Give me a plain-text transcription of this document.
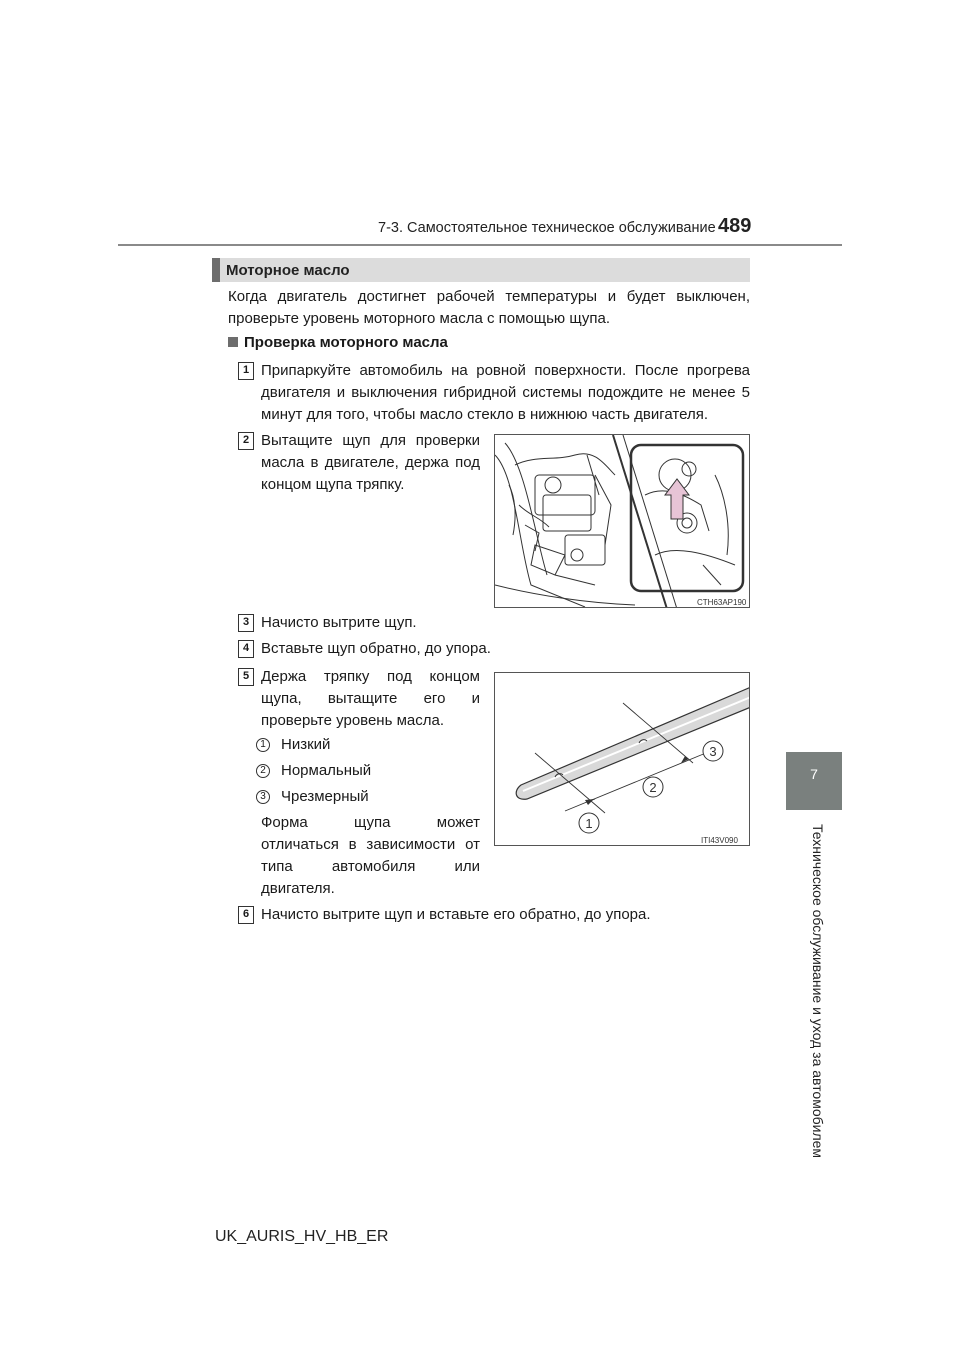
7-3. Самостоятельное техническое обслуживание 489
7
Техническое обслуживание и уход за автомобилем
Моторное масло
Когда двигатель достигнет рабочей температуры и будет выключен,
проверьте уровень моторного масла с помощью щупа.
Проверка моторного масла
1 Припаркуйте автомобиль на ровной поверхности. После прогрева
двигателя и выключения гибридной системы подождите не менее 5
минут для того, чтобы масло стекло в нижнюю часть двигателя.
2 Вытащите щуп для проверки
масла в двигателе, держа под
концом щупа тряпку.
CTH63AP190
3 Начисто вытрите щуп.
4 Вставьте щуп обратно, до упора.
5 Держа тряпку под концом
щупа, вытащите его и
проверьте уровень масла.
1 Низкий
2 Нормальный
3 Чрезмерный
Форма щупа может
отличаться в зависимости от
типа автомобиля или
двигателя.
1
2
3
ITI43V090
6 Начисто вытрите щуп и вставьте его обратно, до упора.
UK_AURIS_HV_HB_ER
